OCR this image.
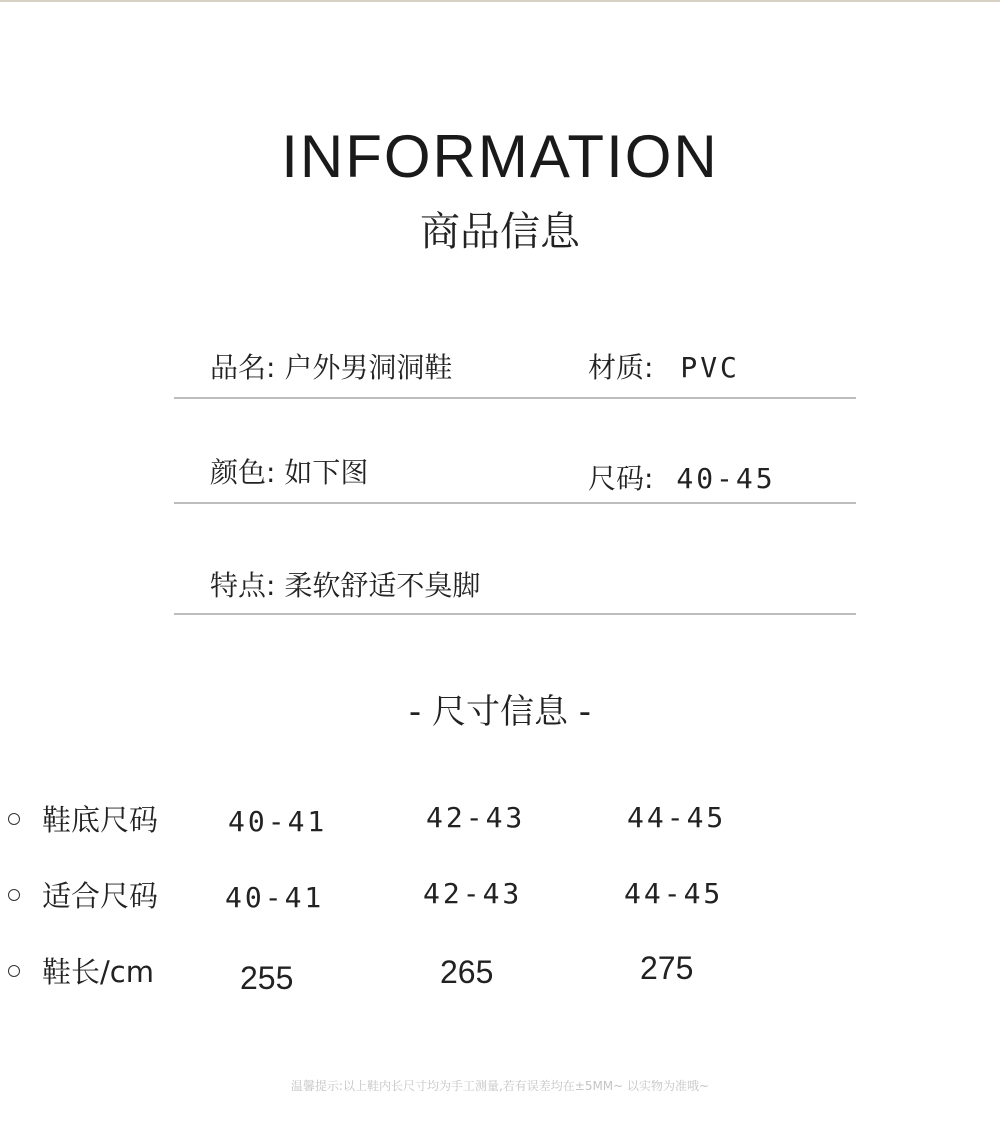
INFORMATION
商品信息
品名: 户外男洞洞鞋	材质: PVC
颜色: 如下图	尺码: 40-45
特点: 柔软舒适不臭脚
- 尺寸信息 -
鞋底尺码 40-41	42-43	44-45
适合尺码 40-41	42-43	44-45
鞋长/cm	255	265	275
温馨提示:以上鞋内长尺寸均为手工测量,若有误差均在±5MM~ 以实物为准哦~
